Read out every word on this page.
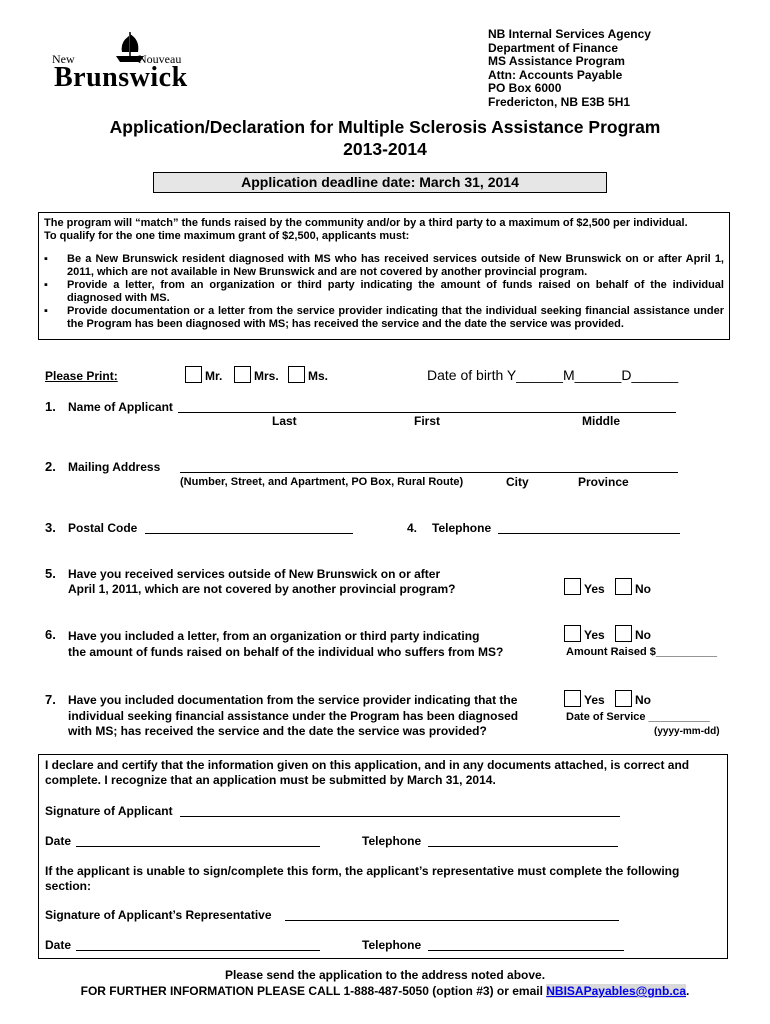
New	Nouveau
Brunswick
NB Internal Services Agency
Department of Finance
MS Assistance Program
Attn: Accounts Payable
PO Box 6000
Fredericton, NB E3B 5H1
Application/Declaration for Multiple Sclerosis Assistance Program
2013-2014
Application deadline date: March 31, 2014
The program will “match” the funds raised by the community and/or by a third party to a maximum of $2,500 per individual.
To qualify for the one time maximum grant of $2,500, applicants must:
▪ Be a New Brunswick resident diagnosed with MS who has received services outside of New Brunswick on or after April 1, 2011, which are not available in New Brunswick and are not covered by another provincial program.
▪ Provide a letter, from an organization or third party indicating the amount of funds raised on behalf of the individual diagnosed with MS.
▪ Provide documentation or a letter from the service provider indicating that the individual seeking financial assistance under the Program has been diagnosed with MS; has received the service and the date the service was provided.
Please Print:	Mr.	Mrs. Ms.	Date of birth Y______M______D______
1. Name of Applicant
Last	First	Middle
2. Mailing Address
(Number, Street, and Apartment, PO Box, Rural Route)	City	Province
3. Postal Code	4. Telephone
5. Have you received services outside of New Brunswick on or after
April 1, 2011, which are not covered by another provincial program?	Yes	No
6. Have you included a letter, from an organization or third party indicating
the amount of funds raised on behalf of the individual who suffers from MS?
Yes	No
Amount Raised $__________
7. Have you included documentation from the service provider indicating that the
individual seeking financial assistance under the Program has been diagnosed
with MS; has received the service and the date the service was provided?
Yes	No
Date of Service __________
(yyyy-mm-dd)
I declare and certify that the information given on this application, and in any documents attached, is correct and
complete. I recognize that an application must be submitted by March 31, 2014.
Signature of Applicant
Date	Telephone
If the applicant is unable to sign/complete this form, the applicant’s representative must complete the following
section:
Signature of Applicant’s Representative
Date	Telephone
Please send the application to the address noted above.
FOR FURTHER INFORMATION PLEASE CALL 1-888-487-5050 (option #3) or email NBISAPayables@gnb.ca.
